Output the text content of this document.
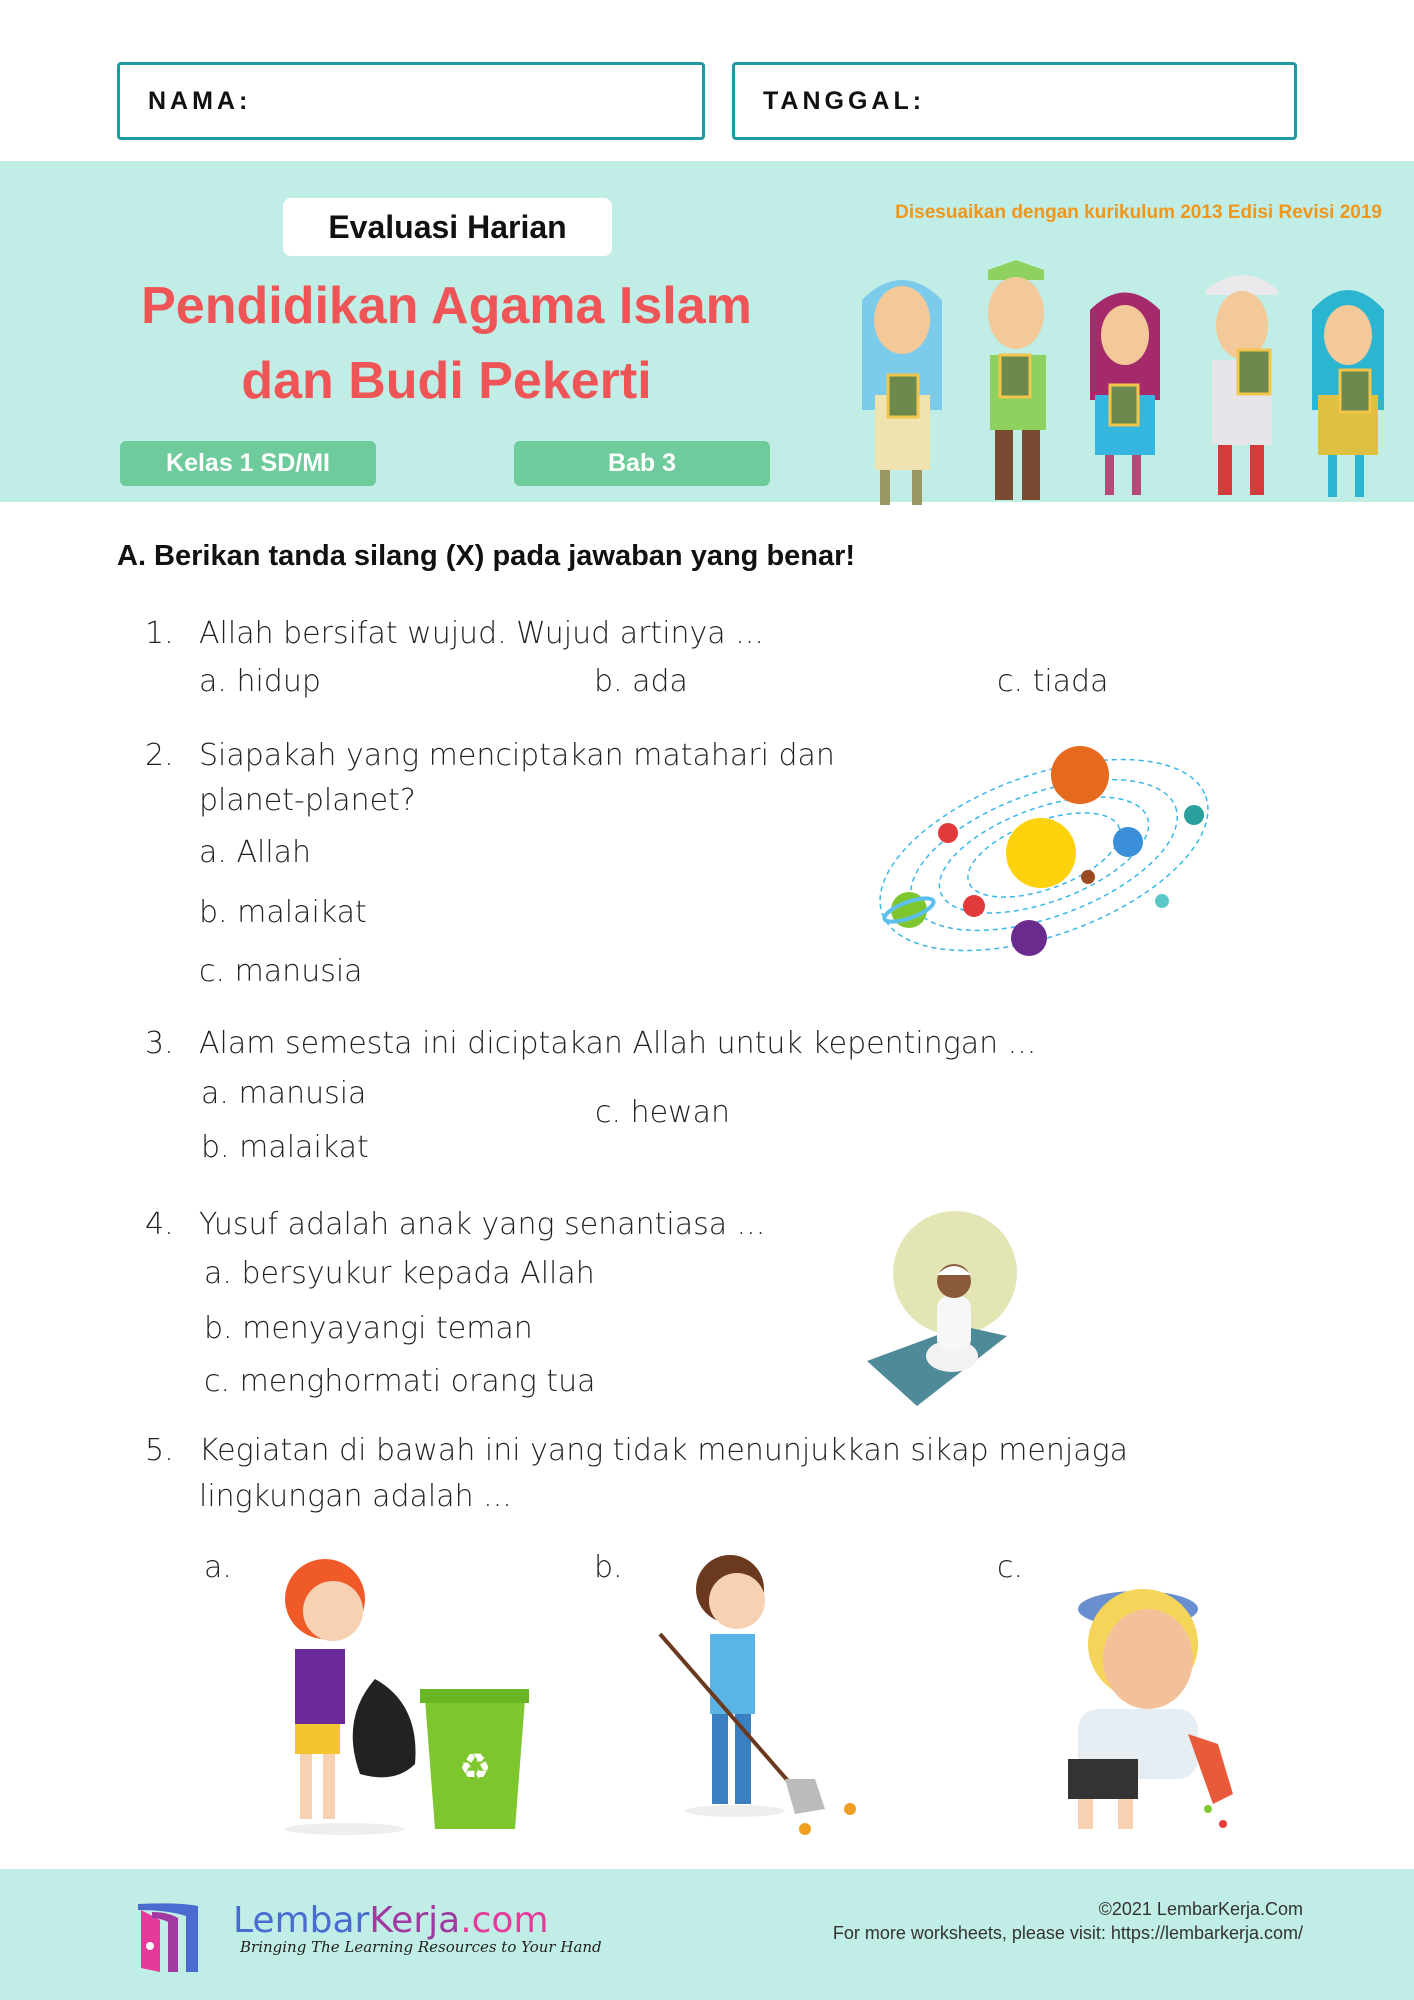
NAMA:	TANGGAL:
Evaluasi Harian
Pendidikan Agama Islam
dan Budi Pekerti
Kelas 1 SD/MI	Bab 3
Disesuaikan dengan kurikulum 2013 Edisi Revisi 2019
A. Berikan tanda silang (X) pada jawaban yang benar!
1. Allah bersifat wujud. Wujud artinya ...
a. hidup	b. ada	c. tiada
2. Siapakah yang menciptakan matahari dan
planet-planet?
a. Allah
b. malaikat
c. manusia
3. Alam semesta ini diciptakan Allah untuk kepentingan ...
a. manusia
b. malaikat
c. hewan
4. Yusuf adalah anak yang senantiasa ...
a. bersyukur kepada Allah
b. menyayangi teman
c. menghormati orang tua
5. Kegiatan di bawah ini yang tidak menunjukkan sikap menjaga
lingkungan adalah ...
a.	b.	c.
♻
LembarKerja.com
Bringing The Learning Resources to Your Hand
©2021 LembarKerja.Com
For more worksheets, please visit: https://lembarkerja.com/
